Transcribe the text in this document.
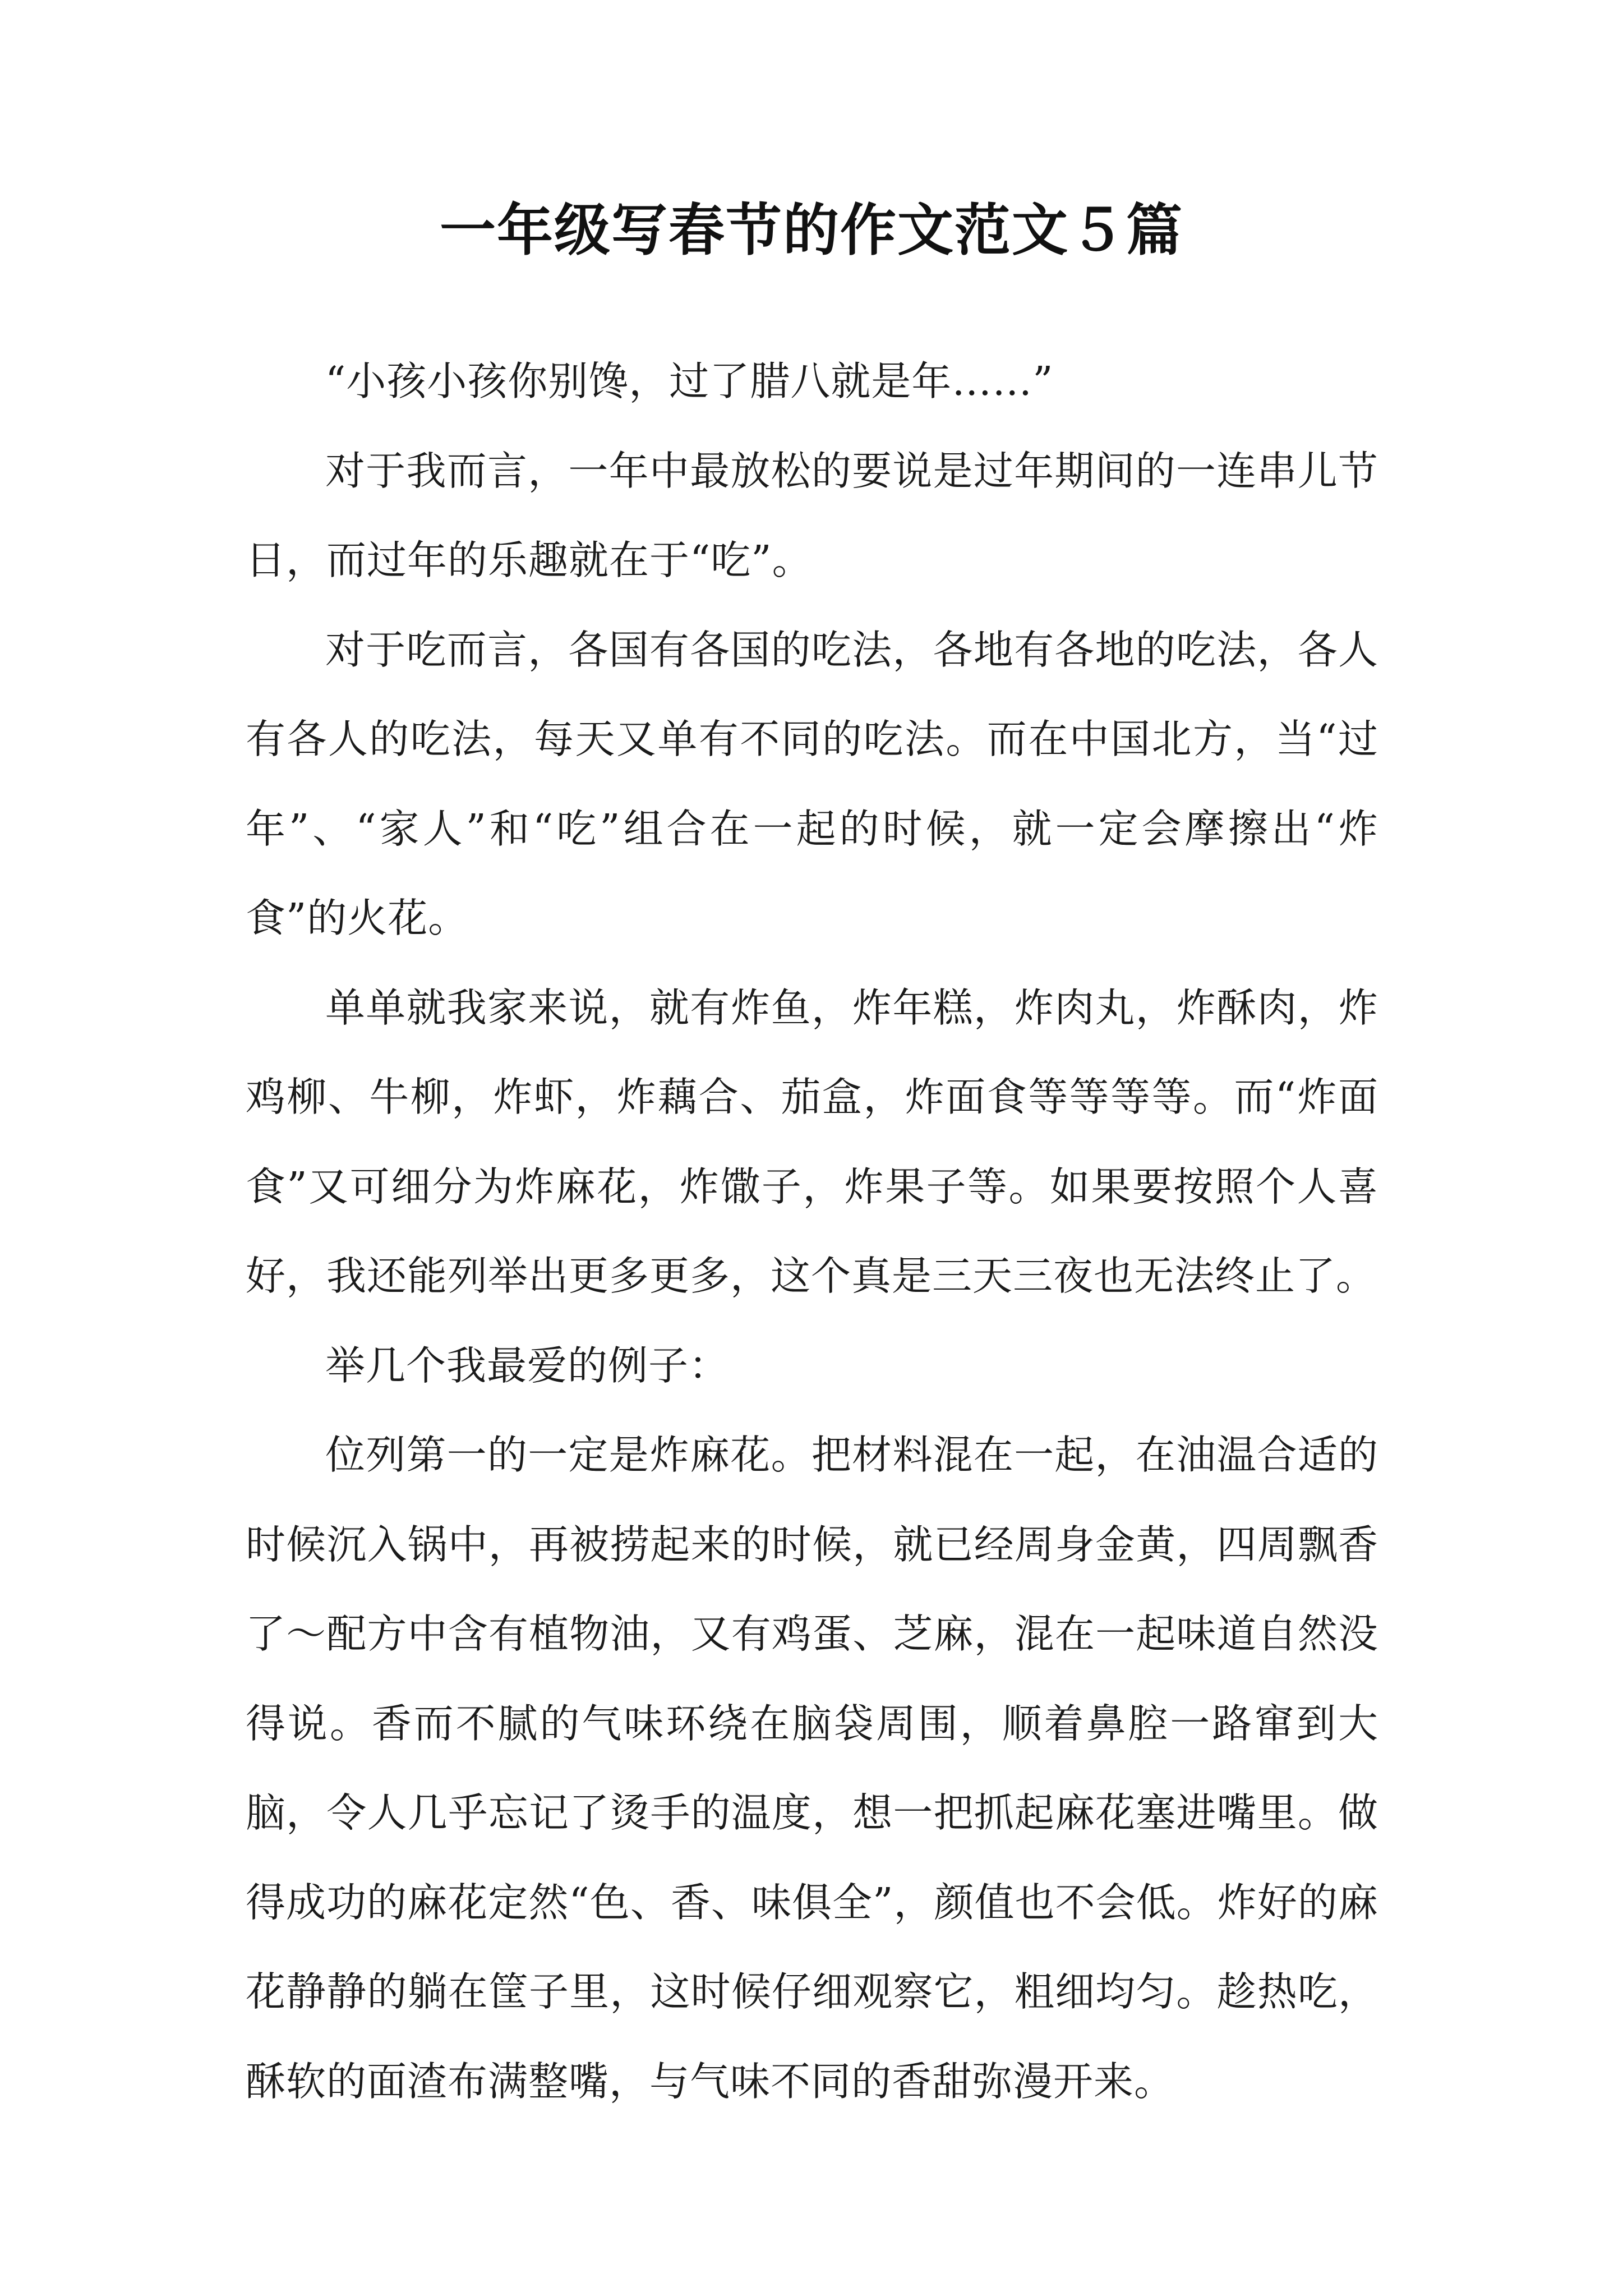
一年级写春节的作文范文５篇

“小孩小孩你别馋，过了腊八就是年……”

对于我而言，一年中最放松的要说是过年期间的一连串儿节日，而过年的乐趣就在于“吃”。

对于吃而言，各国有各国的吃法，各地有各地的吃法，各人有各人的吃法，每天又单有不同的吃法。而在中国北方，当“过年”、“家人”和“吃”组合在一起的时候，就一定会摩擦出“炸食”的火花。

单单就我家来说，就有炸鱼，炸年糕，炸肉丸，炸酥肉，炸鸡柳、牛柳，炸虾，炸藕合、茄盒，炸面食等等等等。而“炸面食”又可细分为炸麻花，炸馓子，炸果子等。如果要按照个人喜好，我还能列举出更多更多，这个真是三天三夜也无法终止了。

举几个我最爱的例子：

位列第一的一定是炸麻花。把材料混在一起，在油温合适的时候沉入锅中，再被捞起来的时候，就已经周身金黄，四周飘香了～配方中含有植物油，又有鸡蛋、芝麻，混在一起味道自然没得说。香而不腻的气味环绕在脑袋周围，顺着鼻腔一路窜到大脑，令人几乎忘记了烫手的温度，想一把抓起麻花塞进嘴里。做得成功的麻花定然“色、香、味俱全”，颜值也不会低。炸好的麻花静静的躺在筐子里，这时候仔细观察它，粗细均匀。趁热吃，酥软的面渣布满整嘴，与气味不同的香甜弥漫开来。
